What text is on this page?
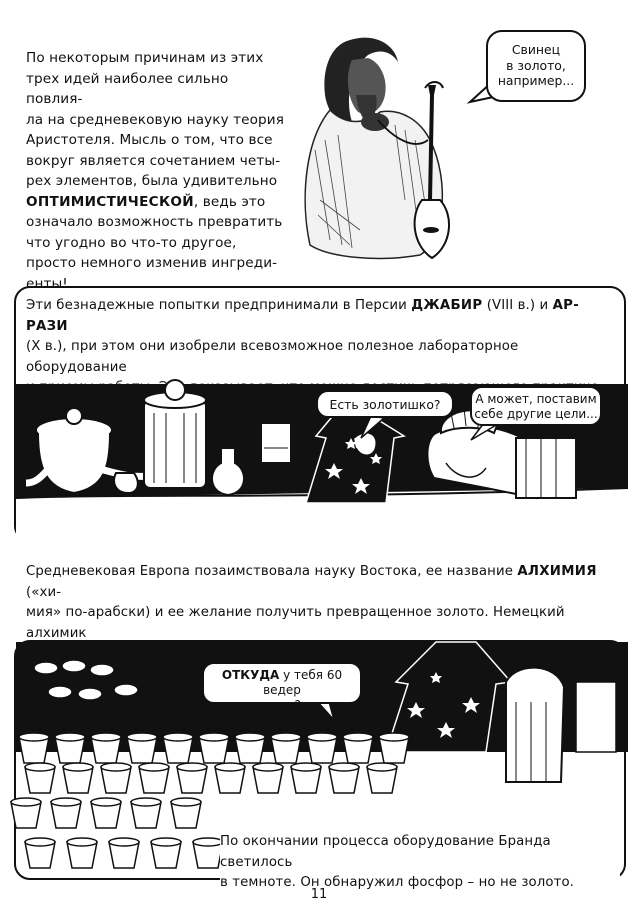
По некоторым причинам из этих
трех идей наиболее сильно повлия-
ла на средневековую науку теория
Аристотеля. Мысль о том, что все
вокруг является сочетанием четы-
рех элементов, была удивительно
ОПТИМИСТИЧЕСКОЙ, ведь это
означало возможность превратить
что угодно во что-то другое,
просто немного изменив ингреди-
енты!
Свинец
в золото,
например...
Эти безнадежные попытки предпринимали в Персии ДЖАБИР (VIII в.) и АР-РАЗИ
(X в.), при этом они изобрели всевозможное полезное лабораторное оборудование
Есть золотишко?	А может, поставим
себе другие цели...
Средневековая Европа позаимствовала науку Востока, ее название АЛХИМИЯ («хи-
мия» по-арабски) и ее желание получить превращенное золото. Немецкий алхимик
ОТКУДА у тебя 60 ведер
мочи?
По окончании процесса оборудование Бранда светилось
в темноте. Он обнаружил фосфор – но не золото.
11
